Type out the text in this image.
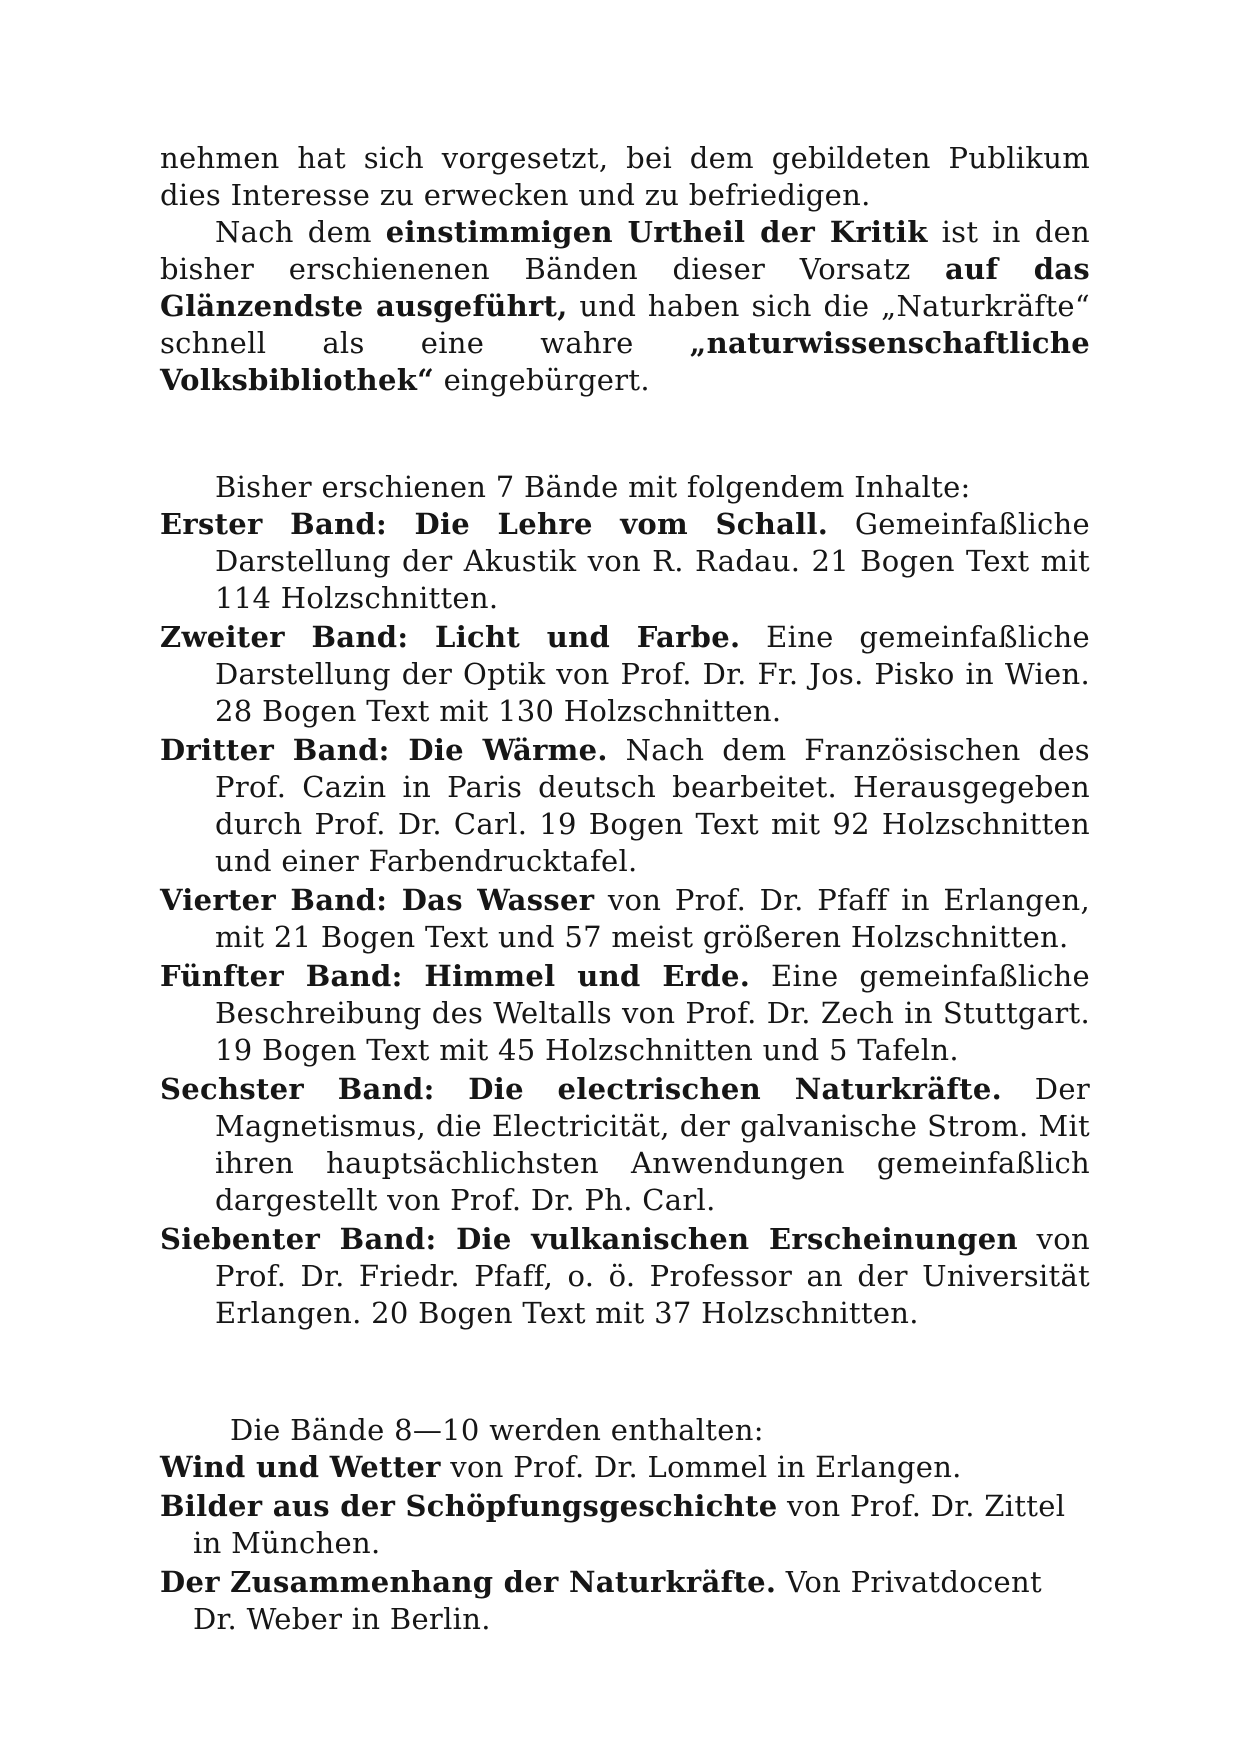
nehmen hat sich vorgesetzt, bei dem gebildeten Publikum dies Interesse zu erwecken und zu befriedigen.

Nach dem einstimmigen Urtheil der Kritik ist in den bisher erschienenen Bänden dieser Vorsatz auf das Glänzendste ausgeführt, und haben sich die „Naturkräfte“ schnell als eine wahre „naturwissenschaftliche Volksbibliothek“ eingebürgert.

Bisher erschienen 7 Bände mit folgendem Inhalte:

Erster Band: Die Lehre vom Schall. Gemeinfaßliche Darstellung der Akustik von R. Radau. 21 Bogen Text mit 114 Holzschnitten.

Zweiter Band: Licht und Farbe. Eine gemeinfaßliche Darstellung der Optik von Prof. Dr. Fr. Jos. Pisko in Wien. 28 Bogen Text mit 130 Holzschnitten.

Dritter Band: Die Wärme. Nach dem Französischen des Prof. Cazin in Paris deutsch bearbeitet. Herausgegeben durch Prof. Dr. Carl. 19 Bogen Text mit 92 Holzschnitten und einer Farbendrucktafel.

Vierter Band: Das Wasser von Prof. Dr. Pfaff in Erlangen, mit 21 Bogen Text und 57 meist größeren Holzschnitten.

Fünfter Band: Himmel und Erde. Eine gemeinfaßliche Beschreibung des Weltalls von Prof. Dr. Zech in Stuttgart. 19 Bogen Text mit 45 Holzschnitten und 5 Tafeln.

Sechster Band: Die electrischen Naturkräfte. Der Magnetismus, die Electricität, der galvanische Strom. Mit ihren hauptsächlichsten Anwendungen gemeinfaßlich dargestellt von Prof. Dr. Ph. Carl.

Siebenter Band: Die vulkanischen Erscheinungen von Prof. Dr. Friedr. Pfaff, o. ö. Professor an der Universität Erlangen. 20 Bogen Text mit 37 Holzschnitten.

Die Bände 8—10 werden enthalten:

Wind und Wetter von Prof. Dr. Lommel in Erlangen.

Bilder aus der Schöpfungsgeschichte von Prof. Dr. Zittel in München.

Der Zusammenhang der Naturkräfte. Von Privatdocent Dr. Weber in Berlin.
